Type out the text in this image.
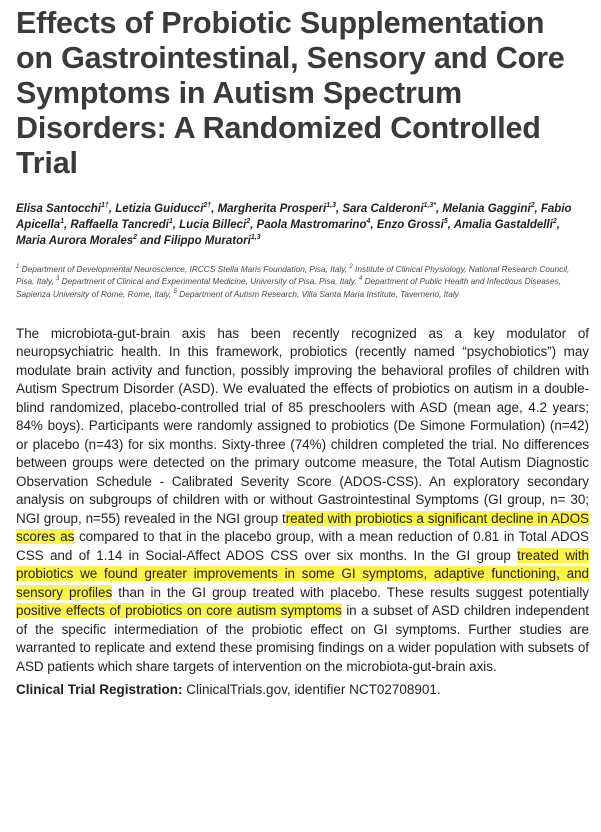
Effects of Probiotic Supplementation on Gastrointestinal, Sensory and Core Symptoms in Autism Spectrum Disorders: A Randomized Controlled Trial
Elisa Santocchi$^{1\dagger}$, Letizia Guiducci$^{2\dagger}$, Margherita Prosperi$^{1,3}$, Sara Calderoni$^{1,3*}$, Melania Gaggini$^2$, Fabio Apicella$^1$, Raffaella Tancredi$^1$, Lucia Billeci$^2$, Paola Mastromarino$^4$, Enzo Grossi$^5$, Amalia Gastaldelli$^2$, Maria Aurora Morales$^2$ and Filippo Muratori$^{1,3}$
$^1$ Department of Developmental Neuroscience, IRCCS Stella Maris Foundation, Pisa, Italy, $^2$ Institute of Clinical Physiology, National Research Council, Pisa, Italy, $^3$ Department of Clinical and Experimental Medicine, University of Pisa, Pisa, Italy, $^4$ Department of Public Health and Infectious Diseases, Sapienza University of Rome, Rome, Italy, $^5$ Department of Autism Research, Villa Santa Maria Institute, Tavernerio, Italy
The microbiota-gut-brain axis has been recently recognized as a key modulator of neuropsychiatric health. In this framework, probiotics (recently named “psychobiotics”) may modulate brain activity and function, possibly improving the behavioral profiles of children with Autism Spectrum Disorder (ASD). We evaluated the effects of probiotics on autism in a double-blind randomized, placebo-controlled trial of 85 preschoolers with ASD (mean age, 4.2 years; 84% boys). Participants were randomly assigned to probiotics (De Simone Formulation) (n=42) or placebo (n=43) for six months. Sixty-three (74%) children completed the trial. No differences between groups were detected on the primary outcome measure, the Total Autism Diagnostic Observation Schedule - Calibrated Severity Score (ADOS-CSS). An exploratory secondary analysis on subgroups of children with or without Gastrointestinal Symptoms (GI group, n= 30; NGI group, n=55) revealed in the NGI group treated with probiotics a significant decline in ADOS scores as compared to that in the placebo group, with a mean reduction of 0.81 in Total ADOS CSS and of 1.14 in Social-Affect ADOS CSS over six months. In the GI group treated with probiotics we found greater improvements in some GI symptoms, adaptive functioning, and sensory profiles than in the GI group treated with placebo. These results suggest potentially positive effects of probiotics on core autism symptoms in a subset of ASD children independent of the specific intermediation of the probiotic effect on GI symptoms. Further studies are warranted to replicate and extend these promising findings on a wider population with subsets of ASD patients which share targets of intervention on the microbiota-gut-brain axis.
Clinical Trial Registration: ClinicalTrials.gov, identifier NCT02708901.
